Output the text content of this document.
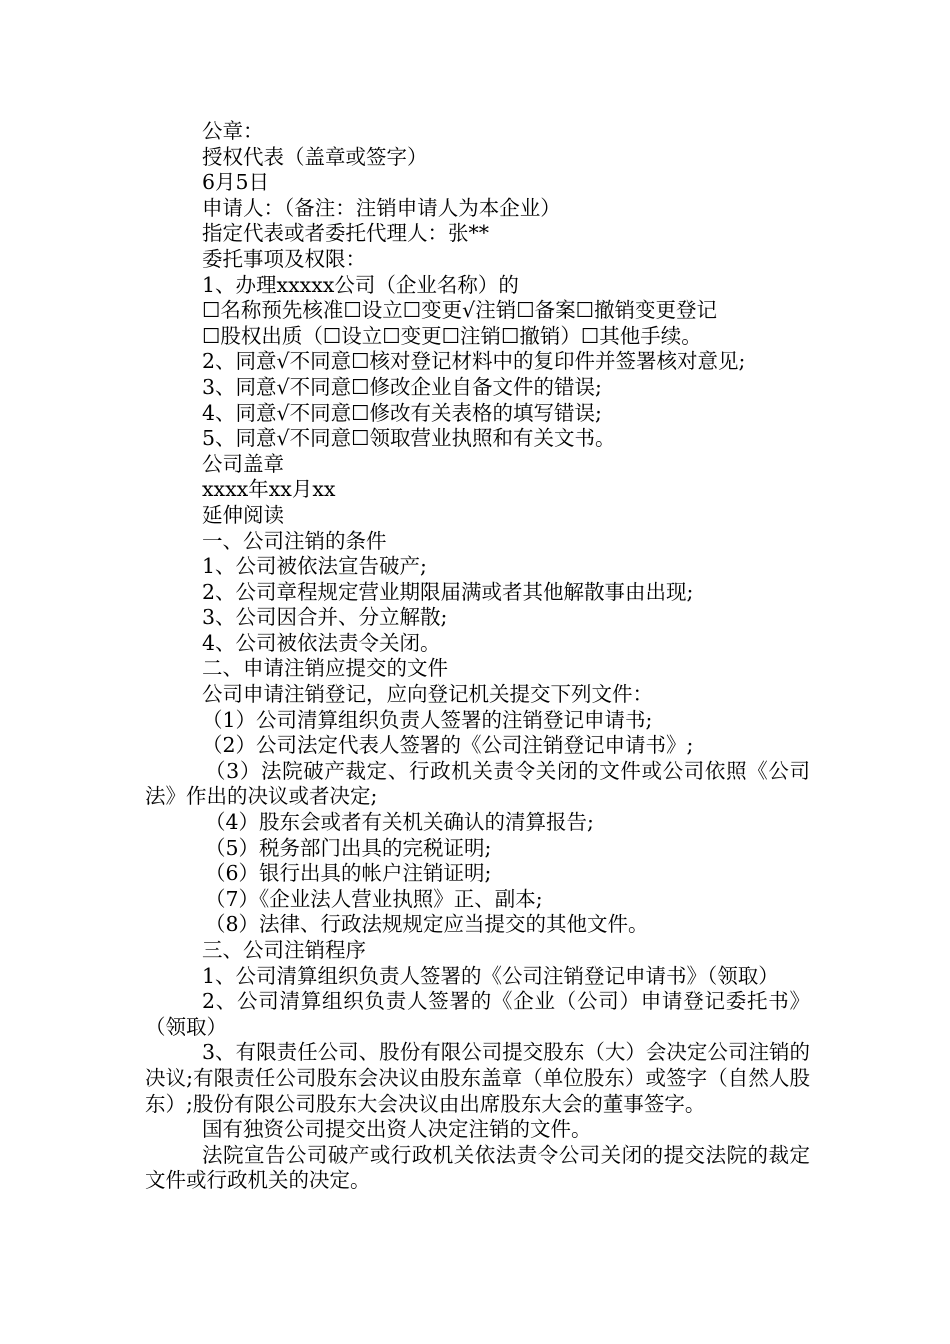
公章：

授权代表（盖章或签字）

6月5日

申请人：（备注：注销申请人为本企业）

指定代表或者委托代理人：张**

委托事项及权限：

1、办理xxxxx公司（企业名称）的

☐名称预先核准☐设立☐变更√注销☐备案☐撤销变更登记

☐股权出质（☐设立☐变更☐注销☐撤销）☐其他手续。

2、同意√不同意☐核对登记材料中的复印件并签署核对意见;

3、同意√不同意☐修改企业自备文件的错误;

4、同意√不同意☐修改有关表格的填写错误;

5、同意√不同意☐领取营业执照和有关文书。

公司盖章

xxxx年xx月xx

延伸阅读

一、公司注销的条件

1、公司被依法宣告破产;

2、公司章程规定营业期限届满或者其他解散事由出现;

3、公司因合并、分立解散;

4、公司被依法责令关闭。

二、申请注销应提交的文件

公司申请注销登记，应向登记机关提交下列文件：

（1）公司清算组织负责人签署的注销登记申请书;

（2）公司法定代表人签署的《公司注销登记申请书》;

（3）法院破产裁定、行政机关责令关闭的文件或公司依照《公司法》作出的决议或者决定;

（4）股东会或者有关机关确认的清算报告;

（5）税务部门出具的完税证明;

（6）银行出具的帐户注销证明;

（7）《企业法人营业执照》正、副本;

（8）法律、行政法规规定应当提交的其他文件。

三、公司注销程序

1、公司清算组织负责人签署的《公司注销登记申请书》（领取）

2、公司清算组织负责人签署的《企业（公司）申请登记委托书》（领取）

3、有限责任公司、股份有限公司提交股东（大）会决定公司注销的决议;有限责任公司股东会决议由股东盖章（单位股东）或签字（自然人股东）;股份有限公司股东大会决议由出席股东大会的董事签字。

国有独资公司提交出资人决定注销的文件。

法院宣告公司破产或行政机关依法责令公司关闭的提交法院的裁定文件或行政机关的决定。
